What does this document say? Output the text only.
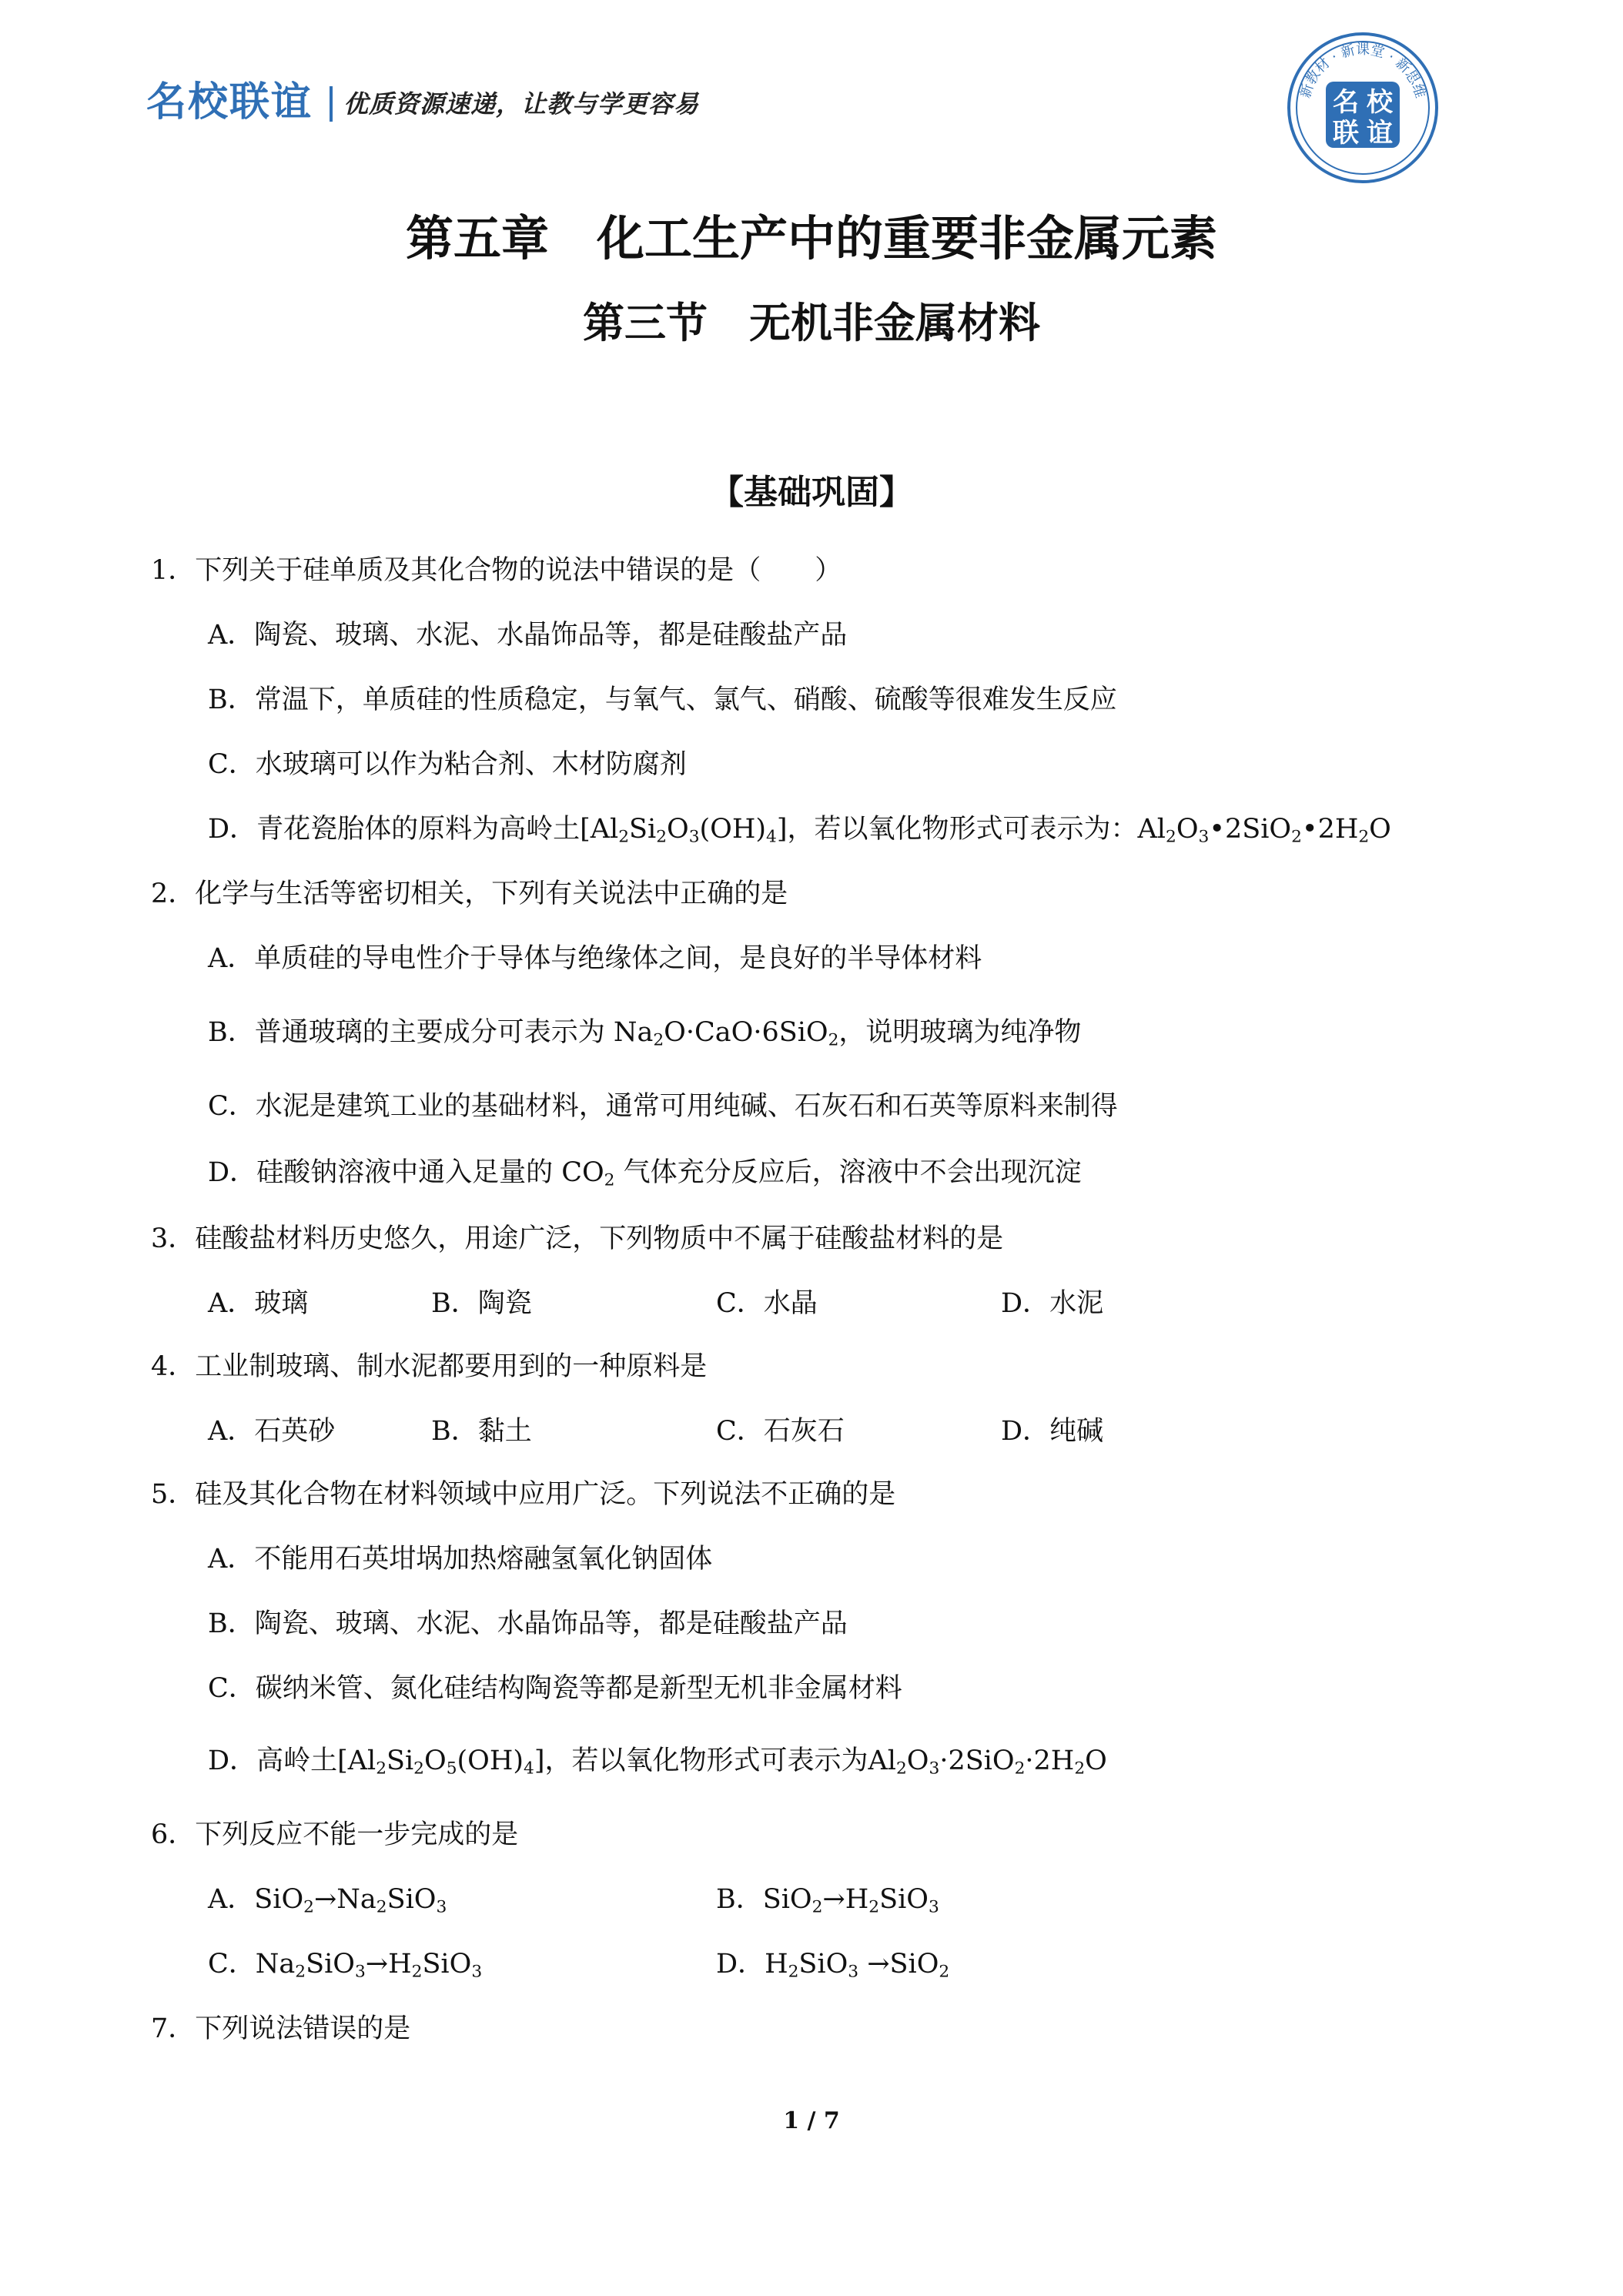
名校联谊 优质资源速递，让教与学更容易	新教材 · 新课堂 · 新思维
名 校
联 谊
第五章　化工生产中的重要非金属元素
第三节　无机非金属材料
【基础巩固】
1．下列关于硅单质及其化合物的说法中错误的是（　　）
A．陶瓷、玻璃、水泥、水晶饰品等，都是硅酸盐产品
B．常温下，单质硅的性质稳定，与氧气、氯气、硝酸、硫酸等很难发生反应
C．水玻璃可以作为粘合剂、木材防腐剂
D．青花瓷胎体的原料为高岭土$[Al_2Si_2O_3(OH)_4]$，若以氧化物形式可表示为：$Al_2O_3•2SiO_2•2H_2O$
2．化学与生活等密切相关，下列有关说法中正确的是
A．单质硅的导电性介于导体与绝缘体之间，是良好的半导体材料
B．普通玻璃的主要成分可表示为 $Na_2O\cdot CaO\cdot 6SiO_2$，说明玻璃为纯净物
C．水泥是建筑工业的基础材料，通常可用纯碱、石灰石和石英等原料来制得
D．硅酸钠溶液中通入足量的 $CO_2$ 气体充分反应后，溶液中不会出现沉淀
3．硅酸盐材料历史悠久，用途广泛，下列物质中不属于硅酸盐材料的是
A．玻璃	B．陶瓷	C．水晶	D．水泥
4．工业制玻璃、制水泥都要用到的一种原料是
A．石英砂	B．黏土	C．石灰石	D．纯碱
5．硅及其化合物在材料领域中应用广泛。下列说法不正确的是
A．不能用石英坩埚加热熔融氢氧化钠固体
B．陶瓷、玻璃、水泥、水晶饰品等，都是硅酸盐产品
C．碳纳米管、氮化硅结构陶瓷等都是新型无机非金属材料
D．高岭土$[Al_2Si_2O_5(OH)_4]$，若以氧化物形式可表示为$Al_2O_3\cdot 2SiO_2\cdot 2H_2O$
6．下列反应不能一步完成的是
A．$SiO_2\to Na_2SiO_3$	B．$SiO_2\to H_2SiO_3$
C．$Na_2SiO_3\to H_2SiO_3$	D．$H_2SiO_3 \to SiO_2$
7．下列说法错误的是
1 / 7
